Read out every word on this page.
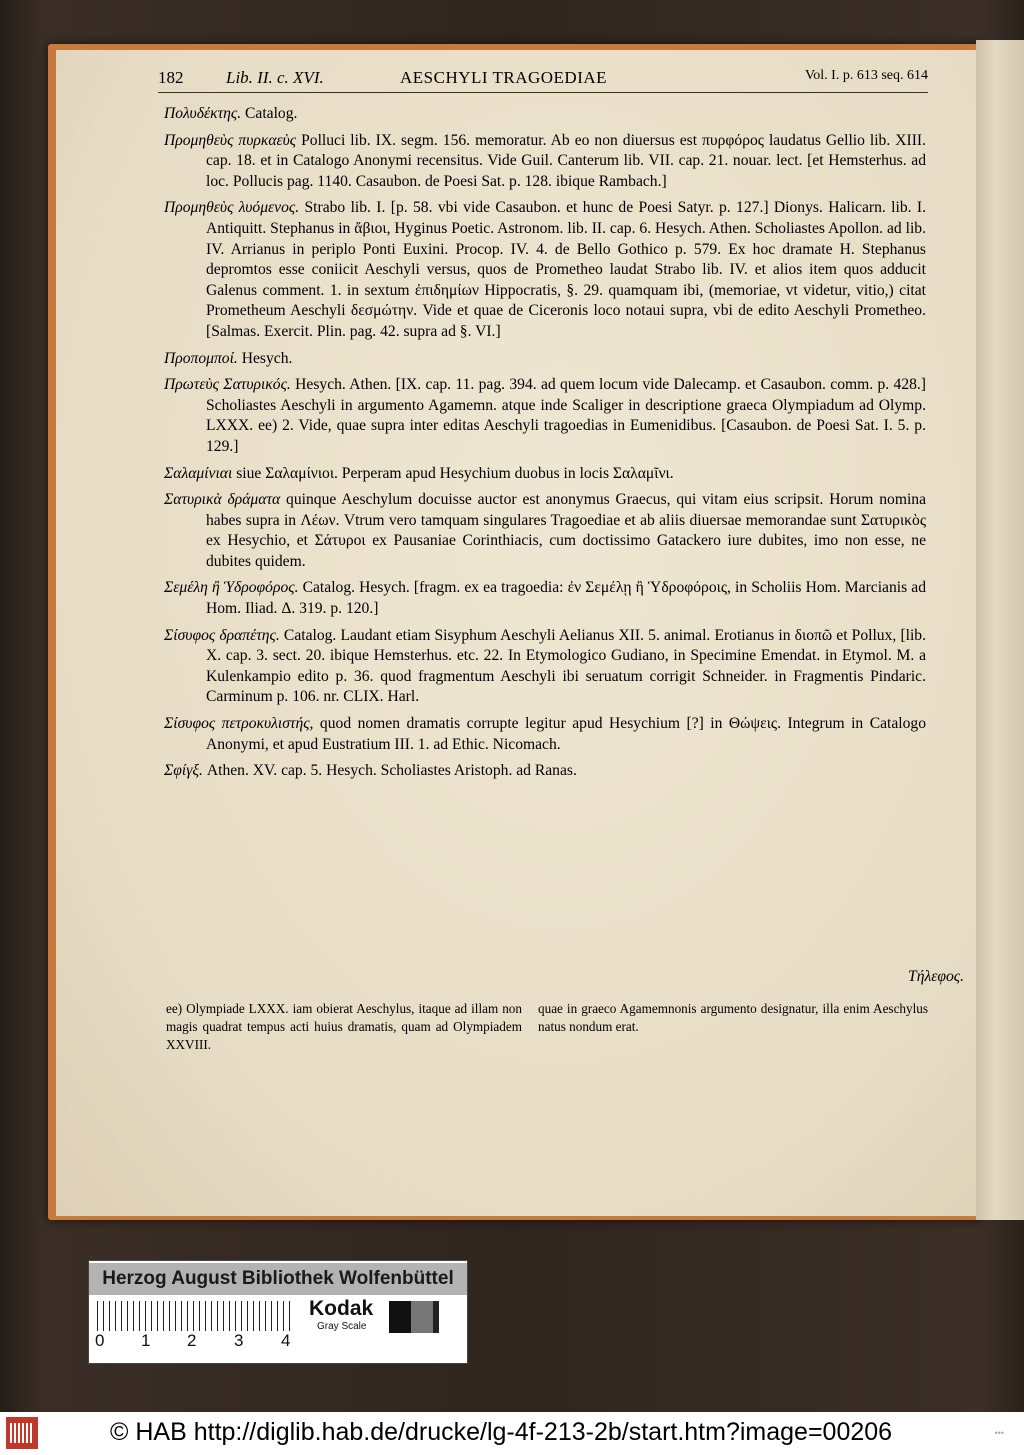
182	Lib. II. c. XVI.	AESCHYLI TRAGOEDIAE	Vol. I. p. 613 seq. 614
Πολυδέκτης. Catalog.
Προμηθεὺς πυρκαεὺς Polluci lib. IX. segm. 156. memoratur. Ab eo non diuersus est πυρφόρος laudatus Gellio lib. XIII. cap. 18. et in Catalogo Anonymi recensitus. Vide Guil. Canterum lib. VII. cap. 21. nouar. lect. [et Hemsterhus. ad loc. Pollucis pag. 1140. Casaubon. de Poesi Sat. p. 128. ibique Rambach.]
Προμηθεὺς λυόμενος. Strabo lib. I. [p. 58. vbi vide Casaubon. et hunc de Poesi Satyr. p. 127.] Dionys. Halicarn. lib. I. Antiquitt. Stephanus in ἄβιοι, Hyginus Poetic. Astronom. lib. II. cap. 6. Hesych. Athen. Scholiastes Apollon. ad lib. IV. Arrianus in periplo Ponti Euxini. Procop. IV. 4. de Bello Gothico p. 579. Ex hoc dramate H. Stephanus depromtos esse coniicit Aeschyli versus, quos de Prometheo laudat Strabo lib. IV. et alios item quos adducit Galenus comment. 1. in sextum ἐπιδημίων Hippocratis, §. 29. quamquam ibi, (memoriae, vt videtur, vitio,) citat Prometheum Aeschyli δεσμώτην. Vide et quae de Ciceronis loco notaui supra, vbi de edito Aeschyli Prometheo. [Salmas. Exercit. Plin. pag. 42. supra ad §. VI.]
Προπομποί. Hesych.
Πρωτεὺς Σατυρικός. Hesych. Athen. [IX. cap. 11. pag. 394. ad quem locum vide Dalecamp. et Casaubon. comm. p. 428.] Scholiastes Aeschyli in argumento Agamemn. atque inde Scaliger in descriptione graeca Olympiadum ad Olymp. LXXX. ee) 2. Vide, quae supra inter editas Aeschyli tragoedias in Eumenidibus. [Casaubon. de Poesi Sat. I. 5. p. 129.]
Σαλαμίνιαι siue Σαλαμίνιοι. Perperam apud Hesychium duobus in locis Σαλαμῖνι.
Σατυρικὰ δράματα quinque Aeschylum docuisse auctor est anonymus Graecus, qui vitam eius scripsit. Horum nomina habes supra in Λέων. Vtrum vero tamquam singulares Tragoediae et ab aliis diuersae memorandae sunt Σατυρικὸς ex Hesychio, et Σάτυροι ex Pausaniae Corinthiacis, cum doctissimo Gatackero iure dubites, imo non esse, ne dubites quidem.
Σεμέλη ἢ Ὑδροφόρος. Catalog. Hesych. [fragm. ex ea tragoedia: ἐν Σεμέλῃ ἢ Ὑδροφόροις, in Scholiis Hom. Marcianis ad Hom. Iliad. Δ. 319. p. 120.]
Σίσυφος δραπέτης. Catalog. Laudant etiam Sisyphum Aeschyli Aelianus XII. 5. animal. Erotianus in διοπῶ et Pollux, [lib. X. cap. 3. sect. 20. ibique Hemsterhus. etc. 22. In Etymologico Gudiano, in Specimine Emendat. in Etymol. M. a Kulenkampio edito p. 36. quod fragmentum Aeschyli ibi seruatum corrigit Schneider. in Fragmentis Pindaric. Carminum p. 106. nr. CLIX. Harl.
Σίσυφος πετροκυλιστής, quod nomen dramatis corrupte legitur apud Hesychium [?] in Θώψεις. Integrum in Catalogo Anonymi, et apud Eustratium III. 1. ad Ethic. Nicomach.
Σφίγξ. Athen. XV. cap. 5. Hesych. Scholiastes Aristoph. ad Ranas.
Τήλεφος.
ee) Olympiade LXXX. iam obierat Aeschylus, itaque ad illam non magis quadrat tempus acti huius dramatis, quam ad Olympiadem XXVIII.
quae in graeco Agamemnonis argumento designatur, illa enim Aeschylus natus nondum erat.
Herzog August Bibliothek Wolfenbüttel
0 1 2 3 4
Kodak
Gray Scale
© HAB http://diglib.hab.de/drucke/lg-4f-213-2b/start.htm?image=00206	•••
